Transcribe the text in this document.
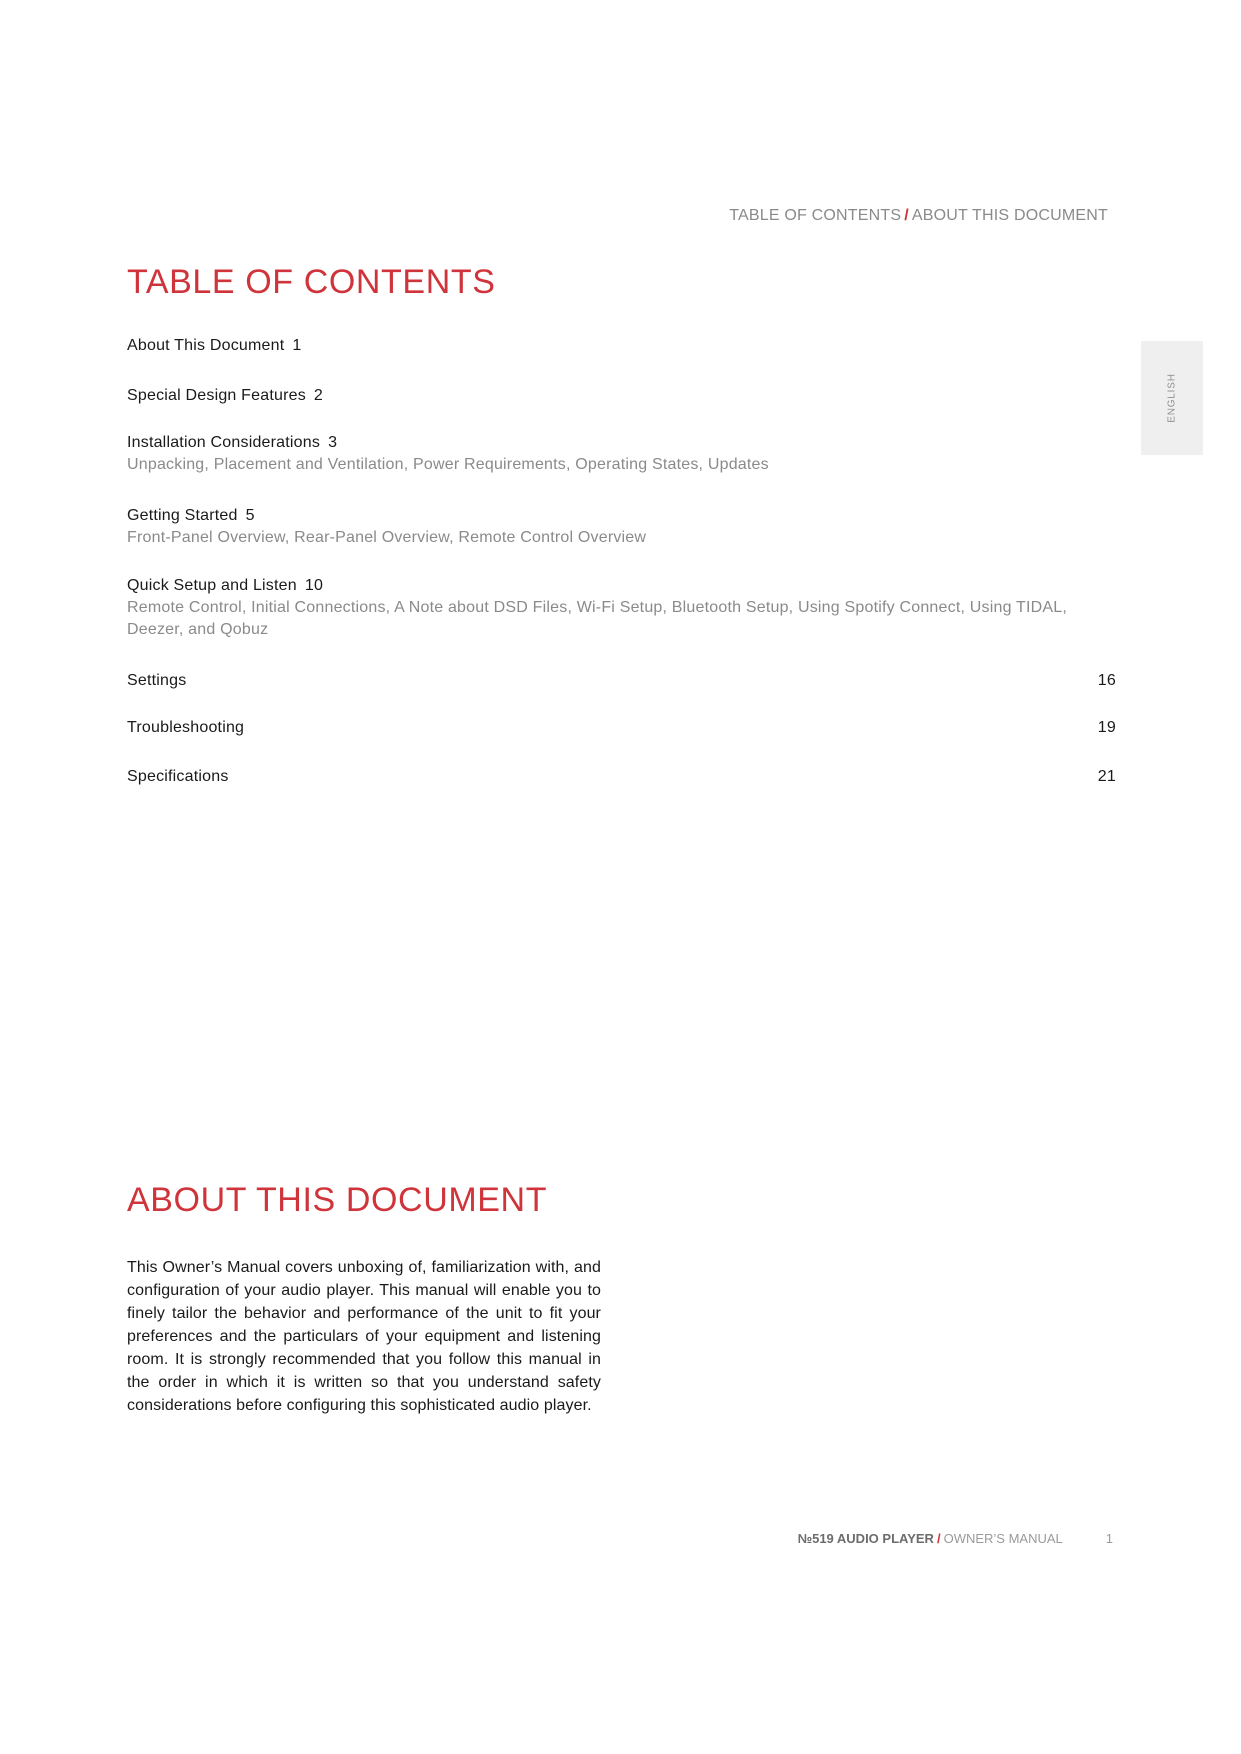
TABLE OF CONTENTS / ABOUT THIS DOCUMENT
ENGLISH
TABLE OF CONTENTS
About This Document 1
Special Design Features 2
Installation Considerations 3
Unpacking, Placement and Ventilation, Power Requirements, Operating States, Updates
Getting Started 5
Front-Panel Overview, Rear-Panel Overview, Remote Control Overview
Quick Setup and Listen 10
Remote Control, Initial Connections, A Note about DSD Files, Wi-Fi Setup, Bluetooth Setup, Using Spotify Connect, Using TIDAL,
Deezer, and Qobuz
Settings	16
Troubleshooting	19
Specifications	21
ABOUT THIS DOCUMENT

This Owner’s Manual covers unboxing of, familiarization with, and configuration of your audio player. This manual will enable you to finely tailor the behavior and performance of the unit to fit your preferences and the particulars of your equipment and listening room. It is strongly recommended that you follow this manual in the order in which it is written so that you understand safety considerations before configuring this sophisticated audio player.

№519 AUDIO PLAYER / OWNER’S MANUAL	1
